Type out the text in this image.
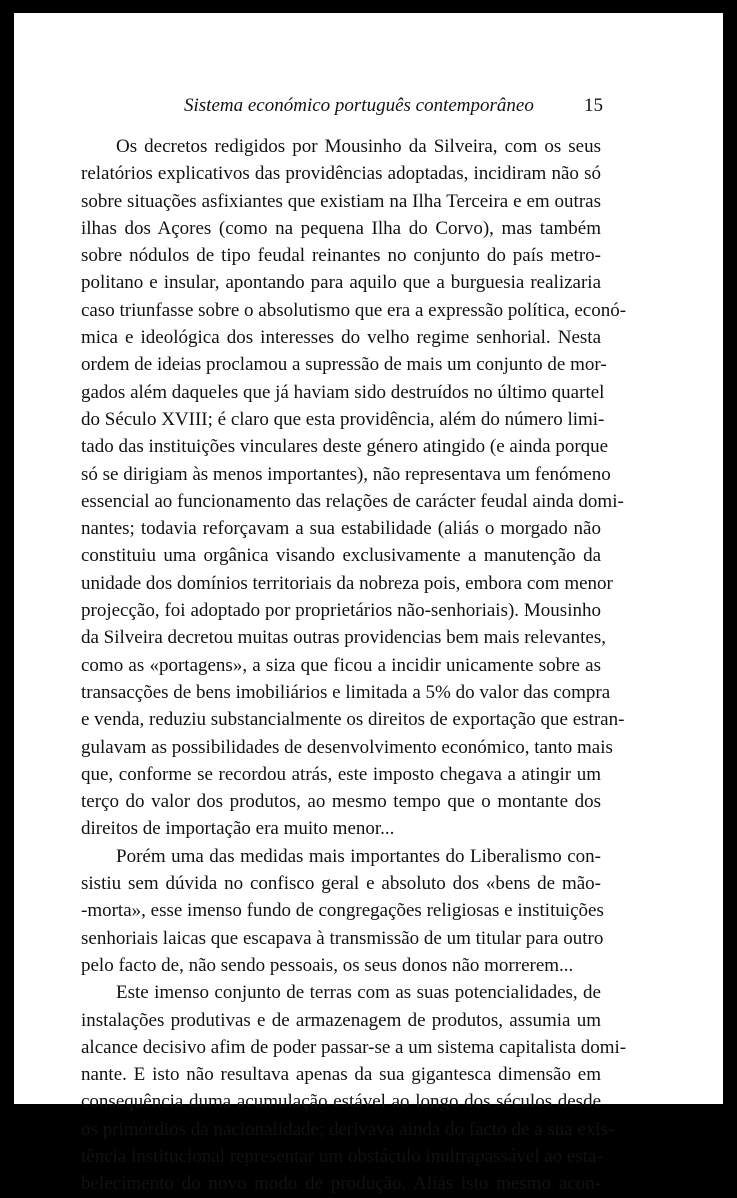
Sistema económico português contemporâneo	15
Os decretos redigidos por Mousinho da Silveira, com os seus
relatórios explicativos das providências adoptadas, incidiram não só
sobre situações asfixiantes que existiam na Ilha Terceira e em outras
ilhas dos Açores (como na pequena Ilha do Corvo), mas também
sobre nódulos de tipo feudal reinantes no conjunto do país metro-
politano e insular, apontando para aquilo que a burguesia realizaria
caso triunfasse sobre o absolutismo que era a expressão política, econó-
mica e ideológica dos interesses do velho regime senhorial. Nesta
ordem de ideias proclamou a supressão de mais um conjunto de mor-
gados além daqueles que já haviam sido destruídos no último quartel
do Século XVIII; é claro que esta providência, além do número limi-
tado das instituições vinculares deste género atingido (e ainda porque
só se dirigiam às menos importantes), não representava um fenómeno
essencial ao funcionamento das relações de carácter feudal ainda domi-
nantes; todavia reforçavam a sua estabilidade (aliás o morgado não
constituiu uma orgânica visando exclusivamente a manutenção da
unidade dos domínios territoriais da nobreza pois, embora com menor
projecção, foi adoptado por proprietários não-senhoriais). Mousinho
da Silveira decretou muitas outras providencias bem mais relevantes,
como as «portagens», a siza que ficou a incidir unicamente sobre as
transacções de bens imobiliários e limitada a 5% do valor das compra
e venda, reduziu substancialmente os direitos de exportação que estran-
gulavam as possibilidades de desenvolvimento económico, tanto mais
que, conforme se recordou atrás, este imposto chegava a atingir um
terço do valor dos produtos, ao mesmo tempo que o montante dos
direitos de importação era muito menor...
Porém uma das medidas mais importantes do Liberalismo con-
sistiu sem dúvida no confisco geral e absoluto dos «bens de mão-
-morta», esse imenso fundo de congregações religiosas e instituições
senhoriais laicas que escapava à transmissão de um titular para outro
pelo facto de, não sendo pessoais, os seus donos não morrerem...
Este imenso conjunto de terras com as suas potencialidades, de
instalações produtivas e de armazenagem de produtos, assumia um
alcance decisivo afim de poder passar-se a um sistema capitalista domi-
nante. E isto não resultava apenas da sua gigantesca dimensão em
consequência duma acumulação estável ao longo dos séculos desde
os primórdios da nacionalidade; derivava ainda do facto de a sua exis-
tência institucional representar um obstáculo inultrapassável ao esta-
belecimento do novo modo de produção. Aliás isto mesmo acon-
